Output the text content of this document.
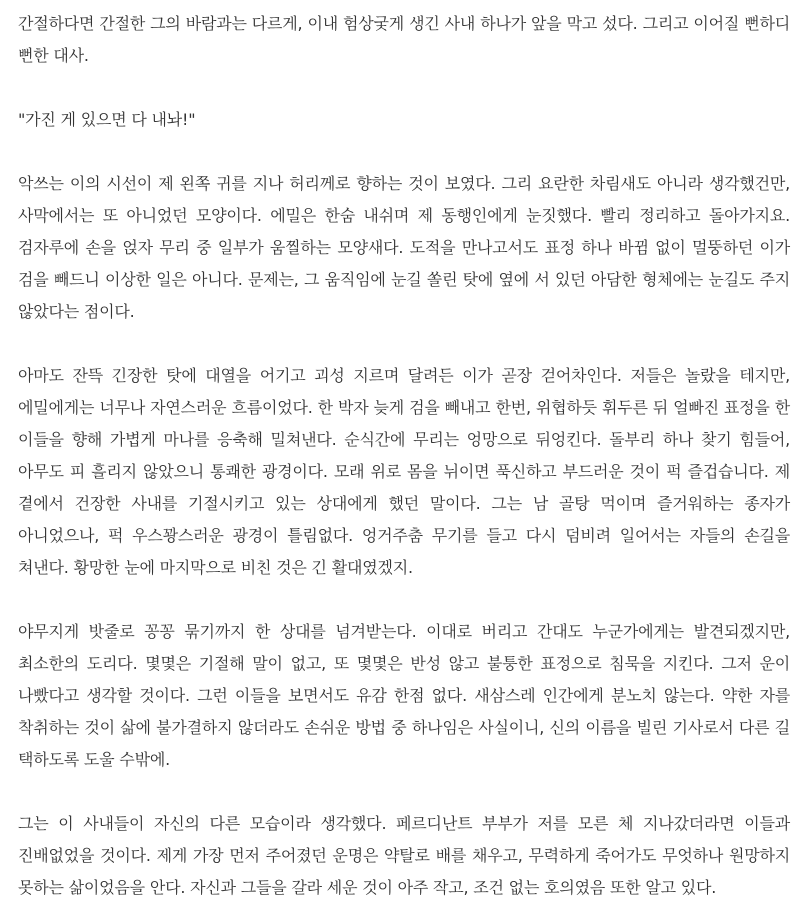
간절하다면 간절한 그의 바람과는 다르게, 이내 험상궂게 생긴 사내 하나가 앞을 막고 섰다. 그리고 이어질 뻔하디 뻔한 대사.

"가진 게 있으면 다 내놔!"

악쓰는 이의 시선이 제 왼쪽 귀를 지나 허리께로 향하는 것이 보였다. 그리 요란한 차림새도 아니라 생각했건만, 사막에서는 또 아니었던 모양이다. 에밀은 한숨 내쉬며 제 동행인에게 눈짓했다. 빨리 정리하고 돌아가지요. 검자루에 손을 얹자 무리 중 일부가 움찔하는 모양새다. 도적을 만나고서도 표정 하나 바뀜 없이 멀뚱하던 이가 검을 빼드니 이상한 일은 아니다. 문제는, 그 움직임에 눈길 쏠린 탓에 옆에 서 있던 아담한 형체에는 눈길도 주지 않았다는 점이다.

아마도 잔뜩 긴장한 탓에 대열을 어기고 괴성 지르며 달려든 이가 곧장 걷어차인다. 저들은 놀랐을 테지만, 에밀에게는 너무나 자연스러운 흐름이었다. 한 박자 늦게 검을 빼내고 한번, 위협하듯 휘두른 뒤 얼빠진 표정을 한 이들을 향해 가볍게 마나를 응축해 밀쳐낸다. 순식간에 무리는 엉망으로 뒤엉킨다. 돌부리 하나 찾기 힘들어, 아무도 피 흘리지 않았으니 통쾌한 광경이다. 모래 위로 몸을 뉘이면 푹신하고 부드러운 것이 퍽 즐겁습니다. 제 곁에서 건장한 사내를 기절시키고 있는 상대에게 했던 말이다. 그는 남 골탕 먹이며 즐거워하는 종자가 아니었으나, 퍽 우스꽝스러운 광경이 틀림없다. 엉거주춤 무기를 들고 다시 덤비려 일어서는 자들의 손길을 쳐낸다. 황망한 눈에 마지막으로 비친 것은 긴 활대였겠지.

야무지게 밧줄로 꽁꽁 묶기까지 한 상대를 넘겨받는다. 이대로 버리고 간대도 누군가에게는 발견되겠지만, 최소한의 도리다. 몇몇은 기절해 말이 없고, 또 몇몇은 반성 않고 불퉁한 표정으로 침묵을 지킨다. 그저 운이 나빴다고 생각할 것이다. 그런 이들을 보면서도 유감 한점 없다. 새삼스레 인간에게 분노치 않는다. 약한 자를 착취하는 것이 삶에 불가결하지 않더라도 손쉬운 방법 중 하나임은 사실이니, 신의 이름을 빌린 기사로서 다른 길 택하도록 도울 수밖에.

그는 이 사내들이 자신의 다른 모습이라 생각했다. 페르디난트 부부가 저를 모른 체 지나갔더라면 이들과 진배없었을 것이다. 제게 가장 먼저 주어졌던 운명은 약탈로 배를 채우고, 무력하게 죽어가도 무엇하나 원망하지 못하는 삶이었음을 안다. 자신과 그들을 갈라 세운 것이 아주 작고, 조건 없는 호의였음 또한 알고 있다.
